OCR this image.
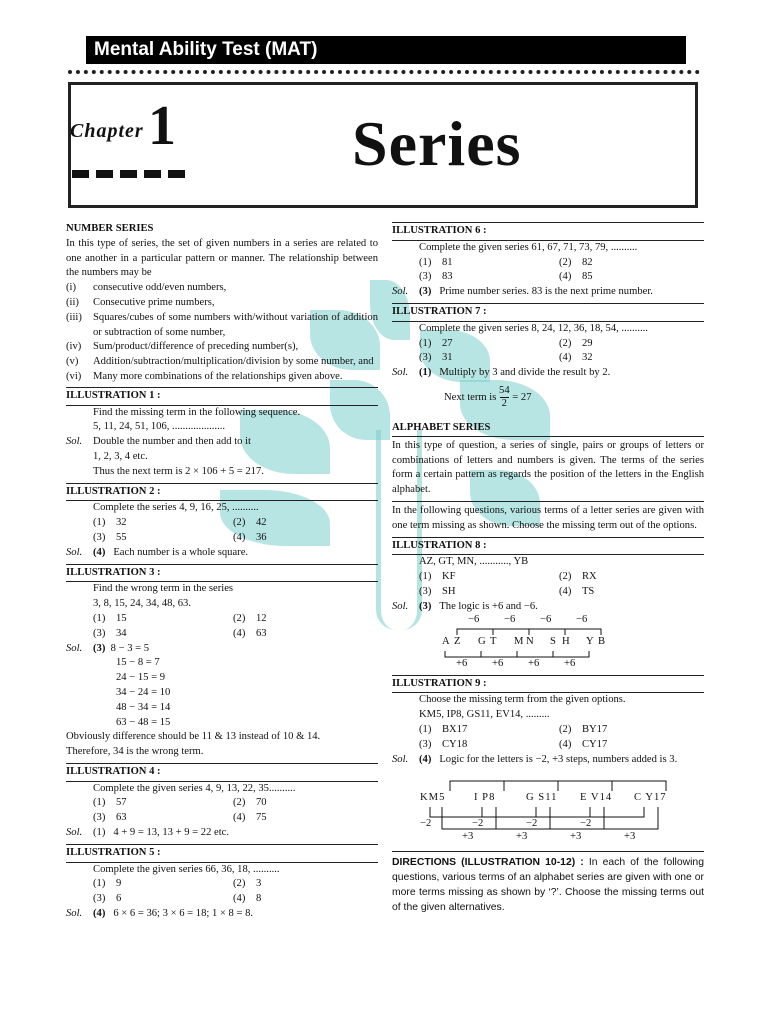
Mental Ability Test (MAT)
Chapter 1	Series
NUMBER SERIES
In this type of series, the set of given numbers in a series are related to one another in a particular pattern or manner. The relationship between the numbers may be
(i)	consecutive odd/even numbers,
(ii)	Consecutive prime numbers,
(iii)	Squares/cubes of some numbers with/without variation of addition or subtraction of some number,
(iv)	Sum/product/difference of preceding number(s),
(v)	Addition/subtraction/multiplication/division by some number, and
(vi)	Many more combinations of the relationships given above.
ILLUSTRATION 1 :
Find the missing term in the following sequence.
5, 11, 24, 51, 106, ....................
Sol.	Double the number and then add to it
1, 2, 3, 4 etc.
Thus the next term is 2 × 106 + 5 = 217.
ILLUSTRATION 2 :
Complete the series 4, 9, 16, 25, ..........
(1) 32	(2) 42
(3) 55	(4) 36
Sol.	(4)
Each number is a whole square.
ILLUSTRATION 3 :
Find the wrong term in the series
3, 8, 15, 24, 34, 48, 63.
(1) 15	(2) 12
(3) 34	(4) 63
Sol.	(3)
8 − 3 = 5
15 − 8 = 7
24 − 15 = 9
34 − 24 = 10
48 − 34 = 14
63 − 48 = 15
Obviously difference should be 11 & 13 instead of 10 & 14.
Therefore, 34 is the wrong term.
ILLUSTRATION 4 :
Complete the given series 4, 9, 13, 22, 35..........
(1) 57	(2) 70
(3) 63	(4) 75
Sol.	(1)
4 + 9 = 13, 13 + 9 = 22 etc.
ILLUSTRATION 5 :
Complete the given series 66, 36, 18, ..........
(1) 9	(2) 3
(3) 6	(4) 8
Sol.	(4)
6 × 6 = 36; 3 × 6 = 18; 1 × 8 = 8.
ILLUSTRATION 6 :
Complete the given series 61, 67, 71, 73, 79, ..........
(1) 81	(2) 82
(3) 83	(4) 85
Sol.	(3)
Prime number series. 83 is the next prime number.
ILLUSTRATION 7 :
Complete the given series 8, 24, 12, 36, 18, 54, ..........
(1) 27	(2) 29
(3) 31	(4) 32
Sol.	(1)
Multiply by 3 and divide the result by 2.
Next term is
$\frac{54}{2}$
= 27
ALPHABET SERIES
In this type of question, a series of single, pairs or groups of letters or combinations of letters and numbers is given. The terms of the series form a certain pattern as regards the position of the letters in the English alphabet.
In the following questions, various terms of a letter series are given with one term missing as shown. Choose the missing term out of the options.
ILLUSTRATION 8 :
AZ, GT, MN, ..........., YB
(1) KF	(2) RX
(3) SH	(4) TS
Sol.	(3)
The logic is +6 and −6.
−6 −6 −6 −6
A Z G T M N S H Y B
+6 +6 +6 +6
ILLUSTRATION 9 :
Choose the missing term from the given options.
KM5, IP8, GS11, EV14, .........
(1) BX17	(2) BY17
(3) CY18	(4) CY17
Sol.	(4)
Logic for the letters is −2, +3 steps, numbers added is 3.
KM5	I P8	G S11 E V14 C Y17
−2	−2	−2	−2
+3	+3	+3	+3
DIRECTIONS (ILLUSTRATION 10-12) : In each of the following questions, various terms of an alphabet series are given with one or more terms missing as shown by ‘?’. Choose the missing terms out of the given alternatives.
